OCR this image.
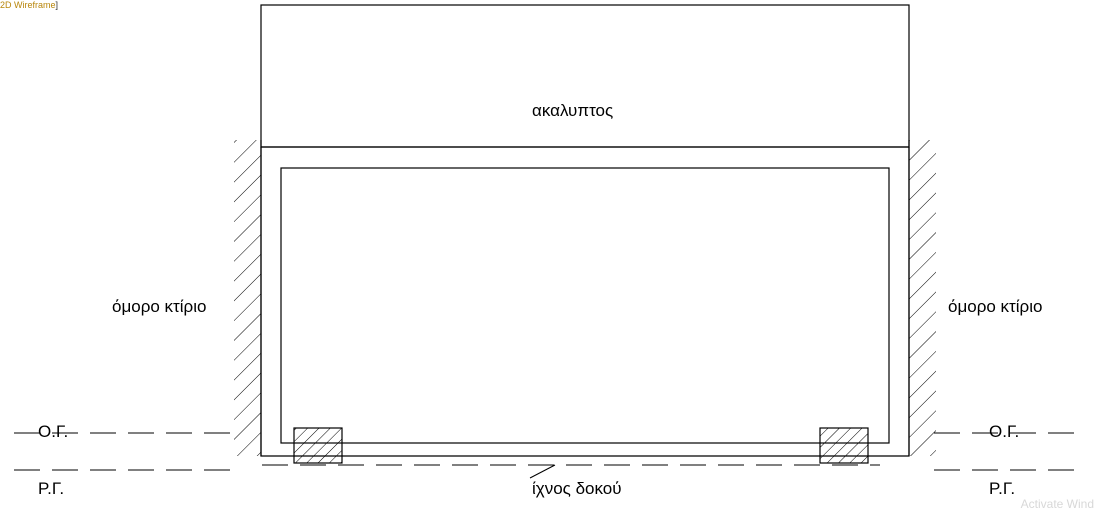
2D Wireframe]
ακαλυπτος
όμορο κτίριο	όμορο κτίριο
ίχνος δοκού
Ο.Γ.	Ο.Γ.
Ρ.Γ.	Ρ.Γ.
Activate Wind
